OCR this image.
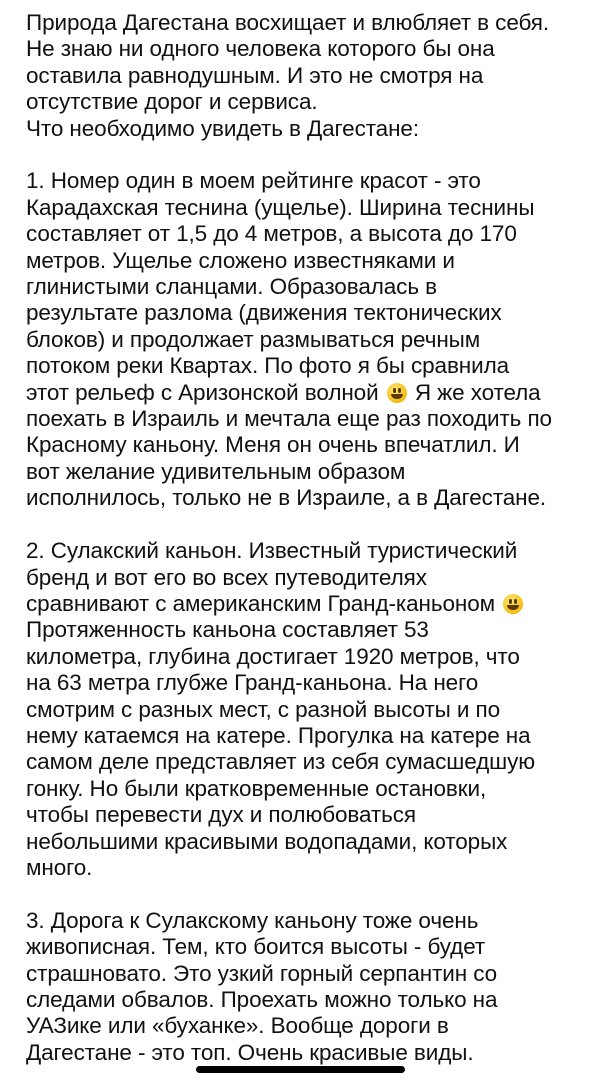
Природа Дагестана восхищает и влюбляет в себя.
Не знаю ни одного человека которого бы она
оставила равнодушным. И это не смотря на
отсутствие дорог и сервиса.
Что необходимо увидеть в Дагестане:
1. Номер один в моем рейтинге красот - это
Карадахская теснина (ущелье). Ширина теснины
составляет от 1,5 до 4 метров, а высота до 170
метров. Ущелье сложено известняками и
глинистыми сланцами. Образовалась в
результате разлома (движения тектонических
блоков) и продолжает размываться речным
потоком реки Квартах. По фото я бы сравнила
этот рельеф с Аризонской волной
Я же хотела
поехать в Израиль и мечтала еще раз походить по
Красному каньону. Меня он очень впечатлил. И
вот желание удивительным образом
исполнилось, только не в Израиле, а в Дагестане.
2. Сулакский каньон. Известный туристический
бренд и вот его во всех путеводителях
сравнивают с американским Гранд-каньоном
Протяженность каньона составляет 53
километра, глубина достигает 1920 метров, что
на 63 метра глубже Гранд-каньона. На него
смотрим с разных мест, с разной высоты и по
нему катаемся на катере. Прогулка на катере на
самом деле представляет из себя сумасшедшую
гонку. Но были кратковременные остановки,
чтобы перевести дух и полюбоваться
небольшими красивыми водопадами, которых
много.
3. Дорога к Сулакскому каньону тоже очень
живописная. Тем, кто боится высоты - будет
страшновато. Это узкий горный серпантин со
следами обвалов. Проехать можно только на
УАЗике или «буханке». Вообще дороги в
Дагестане - это топ. Очень красивые виды.
